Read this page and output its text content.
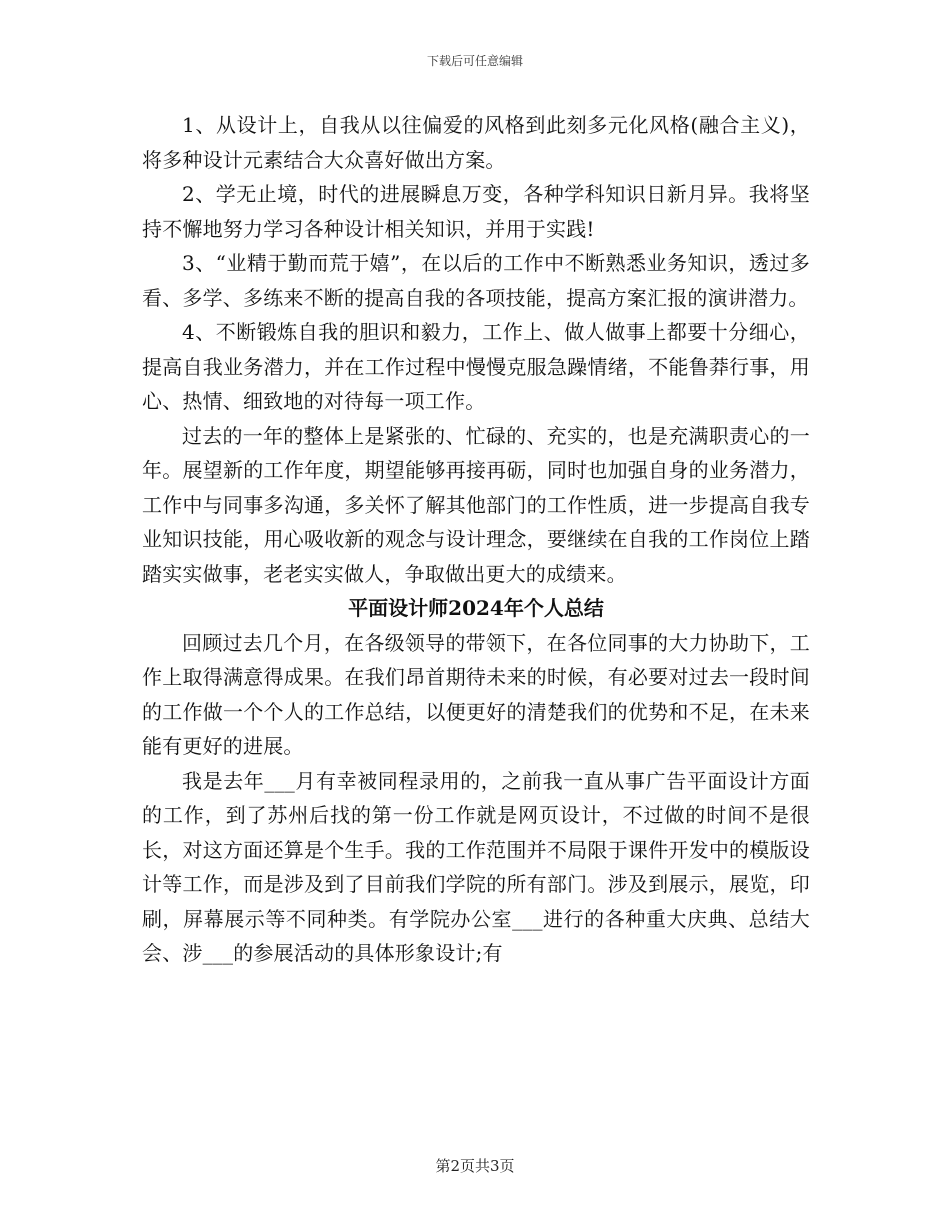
下载后可任意编辑

1、从设计上，自我从以往偏爱的风格到此刻多元化风格(融合主义)，将多种设计元素结合大众喜好做出方案。

2、学无止境，时代的进展瞬息万变，各种学科知识日新月异。我将坚持不懈地努力学习各种设计相关知识，并用于实践!

3、“业精于勤而荒于嬉”，在以后的工作中不断熟悉业务知识，透过多看、多学、多练来不断的提高自我的各项技能，提高方案汇报的演讲潜力。

4、不断锻炼自我的胆识和毅力，工作上、做人做事上都要十分细心，提高自我业务潜力，并在工作过程中慢慢克服急躁情绪，不能鲁莽行事，用心、热情、细致地的对待每一项工作。

过去的一年的整体上是紧张的、忙碌的、充实的，也是充满职责心的一年。展望新的工作年度，期望能够再接再砺，同时也加强自身的业务潜力，工作中与同事多沟通，多关怀了解其他部门的工作性质，进一步提高自我专业知识技能，用心吸收新的观念与设计理念，要继续在自我的工作岗位上踏踏实实做事，老老实实做人，争取做出更大的成绩来。

平面设计师2024年个人总结

回顾过去几个月，在各级领导的带领下，在各位同事的大力协助下，工作上取得满意得成果。在我们昂首期待未来的时候，有必要对过去一段时间的工作做一个个人的工作总结，以便更好的清楚我们的优势和不足，在未来能有更好的进展。

我是去年___月有幸被同程录用的，之前我一直从事广告平面设计方面的工作，到了苏州后找的第一份工作就是网页设计，不过做的时间不是很长，对这方面还算是个生手。我的工作范围并不局限于课件开发中的模版设计等工作，而是涉及到了目前我们学院的所有部门。涉及到展示，展览，印刷，屏幕展示等不同种类。有学院办公室___进行的各种重大庆典、总结大会、涉___的参展活动的具体形象设计;有

第2页共3页
